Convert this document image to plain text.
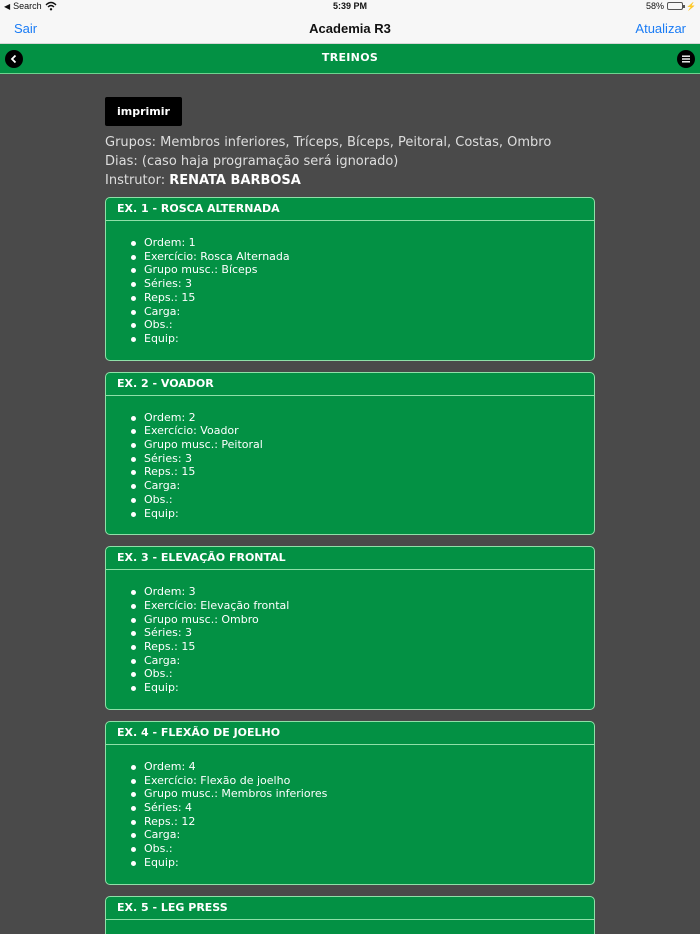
◀ Search	5:39 PM	58%	⚡
Sair	Academia R3	Atualizar
TREINOS
imprimir
Grupos: Membros inferiores, Tríceps, Bíceps, Peitoral, Costas, Ombro
Dias: (caso haja programação será ignorado)
Instrutor: RENATA BARBOSA
EX. 1 - ROSCA ALTERNADA
Ordem: 1
Exercício: Rosca Alternada
Grupo musc.: Bíceps
Séries: 3
Reps.: 15
Carga:
Obs.:
Equip:
EX. 2 - VOADOR
Ordem: 2
Exercício: Voador
Grupo musc.: Peitoral
Séries: 3
Reps.: 15
Carga:
Obs.:
Equip:
EX. 3 - ELEVAÇÃO FRONTAL
Ordem: 3
Exercício: Elevação frontal
Grupo musc.: Ombro
Séries: 3
Reps.: 15
Carga:
Obs.:
Equip:
EX. 4 - FLEXÃO DE JOELHO
Ordem: 4
Exercício: Flexão de joelho
Grupo musc.: Membros inferiores
Séries: 4
Reps.: 12
Carga:
Obs.:
Equip:
EX. 5 - LEG PRESS
